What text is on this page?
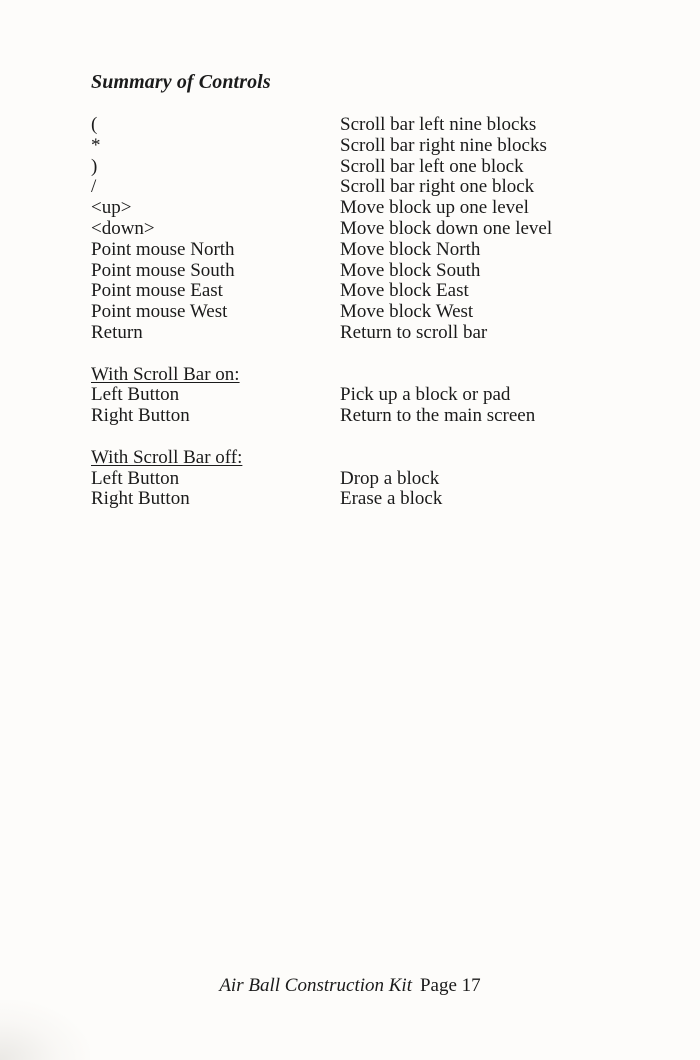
Summary of Controls
(	Scroll bar left nine blocks
*	Scroll bar right nine blocks
)	Scroll bar left one block
/	Scroll bar right one block
<up>	Move block up one level
<down>	Move block down one level
Point mouse North	Move block North
Point mouse South	Move block South
Point mouse East	Move block East
Point mouse West	Move block West
Return	Return to scroll bar
With Scroll Bar on:
Left Button	Pick up a block or pad
Right Button	Return to the main screen
With Scroll Bar off:
Left Button	Drop a block
Right Button	Erase a block
Air Ball Construction Kit Page 17
